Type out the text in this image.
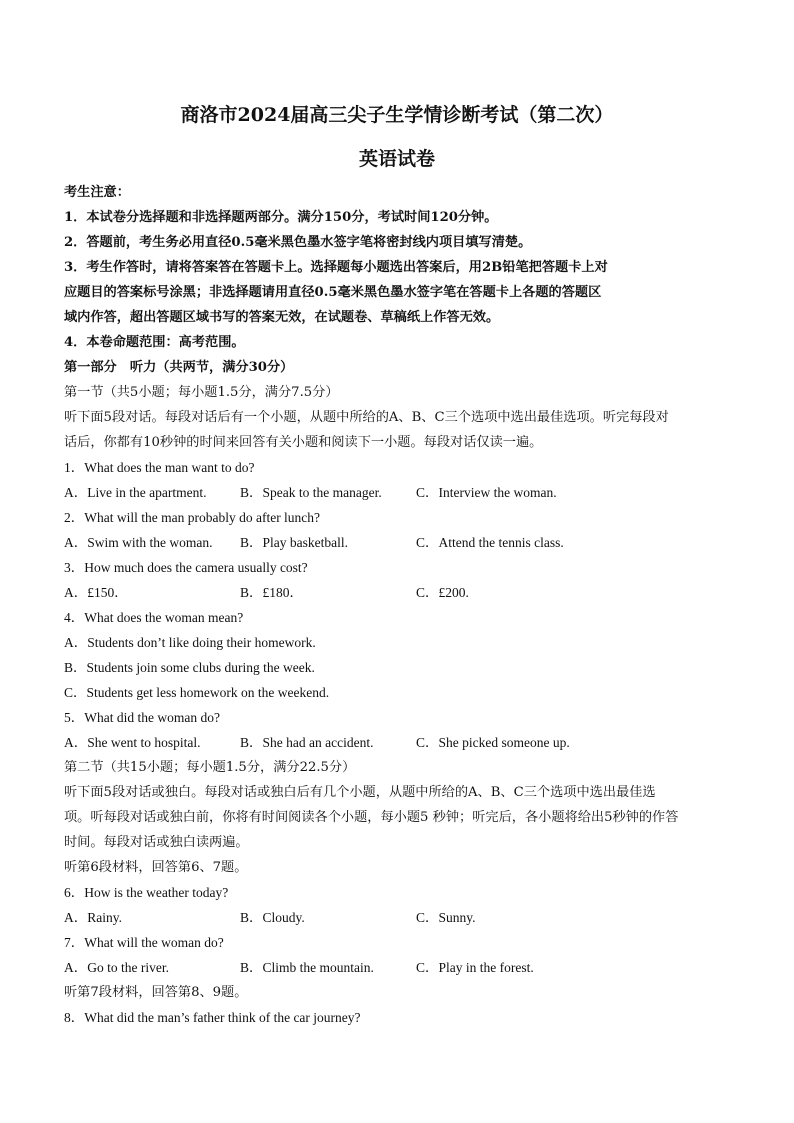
商洛市2024届高三尖子生学情诊断考试（第二次）
英语试卷
考生注意：
1．本试卷分选择题和非选择题两部分。满分150分，考试时间120分钟。
2．答题前，考生务必用直径0.5毫米黑色墨水签字笔将密封线内项目填写清楚。
3．考生作答时，请将答案答在答题卡上。选择题每小题选出答案后，用2B铅笔把答题卡上对
应题目的答案标号涂黑；非选择题请用直径0.5毫米黑色墨水签字笔在答题卡上各题的答题区
域内作答，超出答题区域书写的答案无效，在试题卷、草稿纸上作答无效。
4．本卷命题范围：高考范围。
第一部分　听力（共两节，满分30分）
第一节（共5小题；每小题1.5分，满分7.5分）
听下面5段对话。每段对话后有一个小题，从题中所给的A、B、C三个选项中选出最佳选项。听完每段对
话后，你都有10秒钟的时间来回答有关小题和阅读下一小题。每段对话仅读一遍。
1．What does the man want to do?
A．Live in the apartment.	B．Speak to the manager.	C．Interview the woman.
2．What will the man probably do after lunch?
A．Swim with the woman.	B．Play basketball.	C．Attend the tennis class.
3．How much does the camera usually cost?
A．£150．	B．£180．	C．£200.
4．What does the woman mean?
A．Students don’t like doing their homework.
B．Students join some clubs during the week.
C．Students get less homework on the weekend.
5．What did the woman do?
A．She went to hospital.	B．She had an accident.	C．She picked someone up.
第二节（共15小题；每小题1.5分，满分22.5分）
听下面5段对话或独白。每段对话或独白后有几个小题，从题中所给的A、B、C三个选项中选出最佳选
项。听每段对话或独白前，你将有时间阅读各个小题，每小题5 秒钟；听完后，各小题将给出5秒钟的作答
时间。每段对话或独白读两遍。
听第6段材料，回答第6、7题。
6．How is the weather today?
A．Rainy.	B．Cloudy.	C．Sunny.
7．What will the woman do?
A．Go to the river.	B．Climb the mountain.	C．Play in the forest.
听第7段材料，回答第8、9题。
8．What did the man’s father think of the car journey?
